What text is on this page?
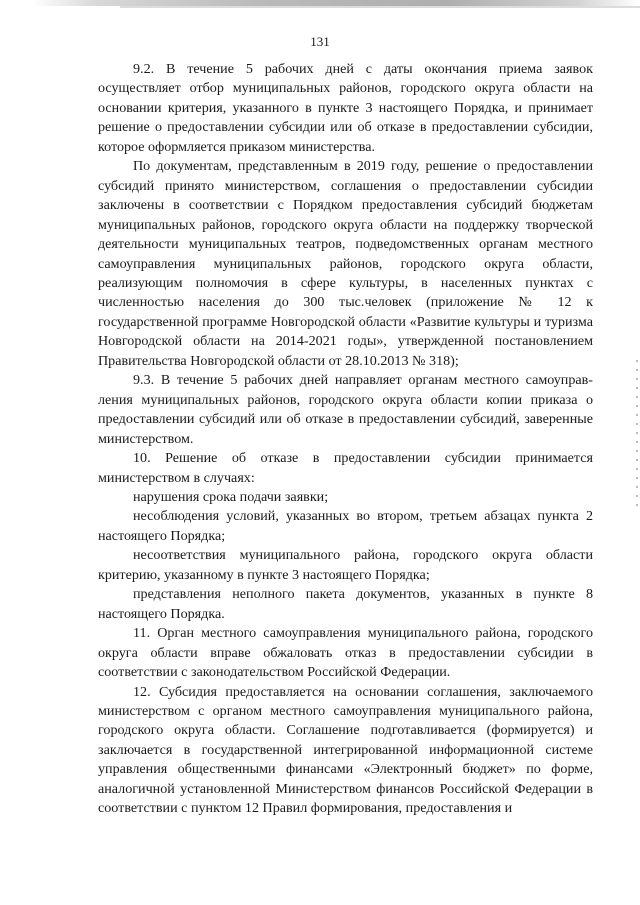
131

9.2. В течение 5 рабочих дней с даты окончания приема заявок осуществляет отбор муниципальных районов, городского округа области на основании критерия, указанного в пункте 3 настоящего Порядка, и принимает решение о предоставлении субсидии или об отказе в предоставлении субсидии, которое оформляется приказом министерства.

По документам, представленным в 2019 году, решение о предоставлении субсидий принято министерством, соглашения о предоставлении субсидии заключены в соответствии с Порядком предоставления субсидий бюджетам муниципальных районов, городского округа области на поддержку творческой деятельности муниципальных театров, подведомственных органам местного самоуправления муниципальных районов, городского округа области, реализующим полномочия в сфере культуры, в населенных пунктах с численностью населения до 300 тыс.человек (приложение № 12 к государственной программе Новгородской области «Развитие культуры и туризма Новгородской области на 2014-2021 годы», утвержденной постановлением Правительства Новгородской области от 28.10.2013 № 318);

9.3. В течение 5 рабочих дней направляет органам местного самоуправ-ления муниципальных районов, городского округа области копии приказа о предоставлении субсидий или об отказе в предоставлении субсидий, заверенные министерством.

10. Решение об отказе в предоставлении субсидии принимается министерством в случаях:

нарушения срока подачи заявки;

несоблюдения условий, указанных во втором, третьем абзацах пункта 2 настоящего Порядка;

несоответствия муниципального района, городского округа области критерию, указанному в пункте 3 настоящего Порядка;

представления неполного пакета документов, указанных в пункте 8 настоящего Порядка.

11. Орган местного самоуправления муниципального района, городского округа области вправе обжаловать отказ в предоставлении субсидии в соответствии с законодательством Российской Федерации.

12. Субсидия предоставляется на основании соглашения, заключаемого министерством с органом местного самоуправления муниципального района, городского округа области. Соглашение подготавливается (формируется) и заключается в государственной интегрированной информационной системе управления общественными финансами «Электронный бюджет» по форме, аналогичной установленной Министерством финансов Российской Федерации в соответствии с пунктом 12 Правил формирования, предоставления и
